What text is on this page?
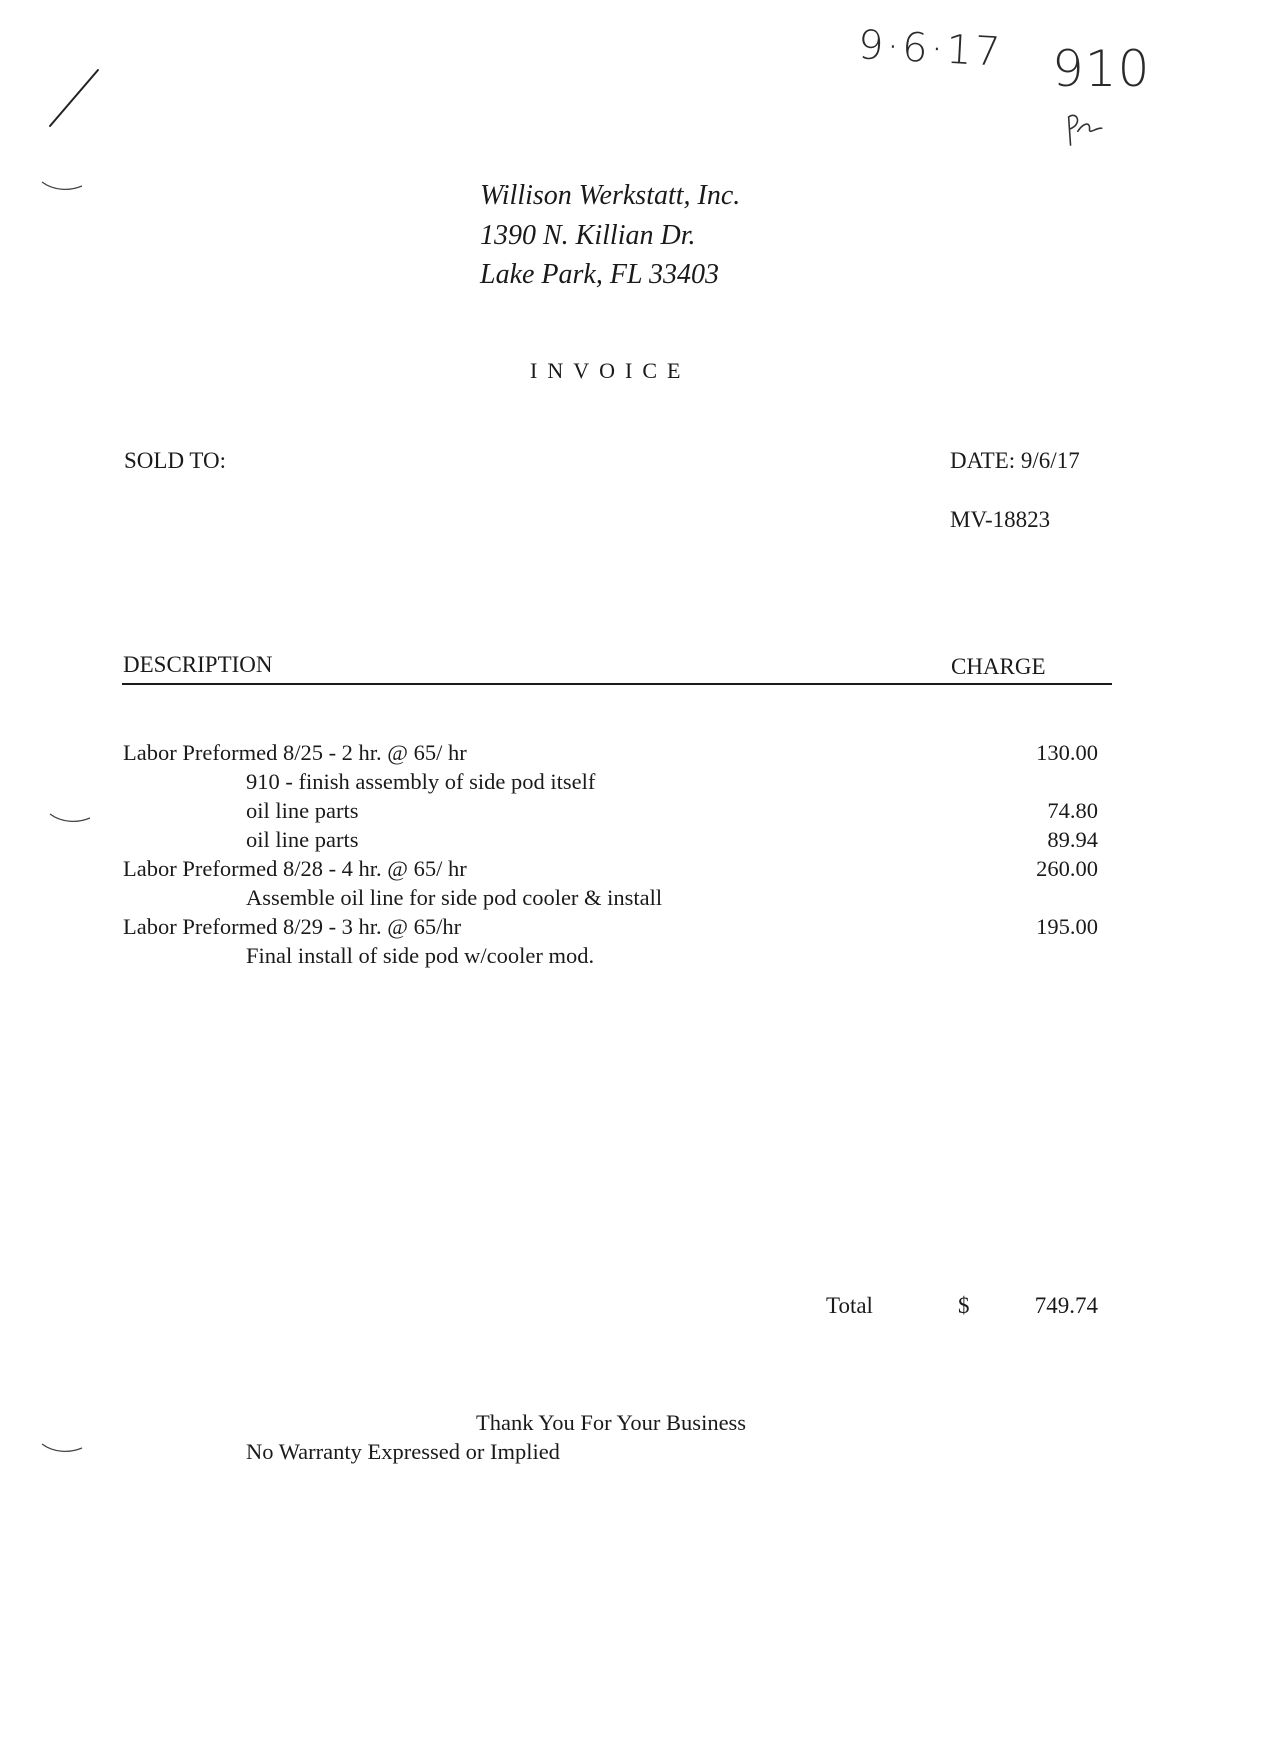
9·6·17 910
Willison Werkstatt, Inc.
1390 N. Killian Dr.
Lake Park, FL 33403
INVOICE
SOLD TO:	DATE: 9/6/17
MV-18823
DESCRIPTION	CHARGE
Labor Preformed 8/25 - 2 hr. @ 65/ hr	130.00
910 - finish assembly of side pod itself
oil line parts	74.80
oil line parts	89.94
Labor Preformed 8/28 - 4 hr. @ 65/ hr	260.00
Assemble oil line for side pod cooler & install
Labor Preformed 8/29 - 3 hr. @ 65/hr	195.00
Final install of side pod w/cooler mod.
Total	$	749.74
Thank You For Your Business
No Warranty Expressed or Implied
